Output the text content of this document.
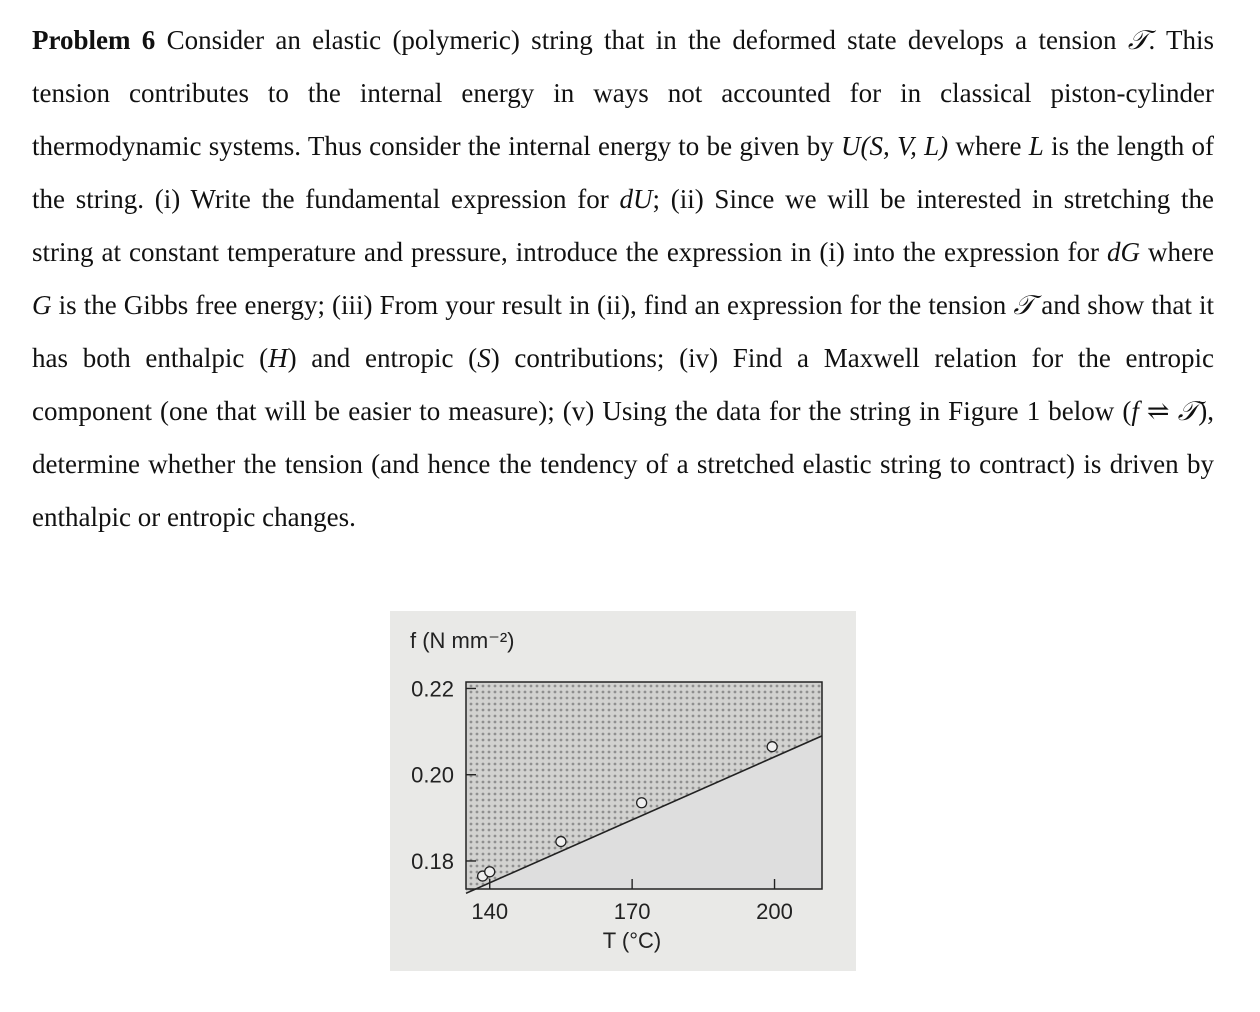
Problem 6 Consider an elastic (polymeric) string that in the deformed state develops a tension 𝒯. This tension contributes to the internal energy in ways not accounted for in classical piston-cylinder thermodynamic systems. Thus consider the internal energy to be given by U(S, V, L) where L is the length of the string. (i) Write the fundamental expression for dU; (ii) Since we will be interested in stretching the string at constant temperature and pressure, introduce the expression in (i) into the expression for dG where G is the Gibbs free energy; (iii) From your result in (ii), find an expression for the tension 𝒯 and show that it has both enthalpic (H) and entropic (S) contributions; (iv) Find a Maxwell relation for the entropic component (one that will be easier to measure); (v) Using the data for the string in Figure 1 below (f ⇌ 𝒯), determine whether the tension (and hence the tendency of a stretched elastic string to contract) is driven by enthalpic or entropic changes.
0.22
0.20
0.18
140	170	200
f (N mm⁻²)
T (°C)
